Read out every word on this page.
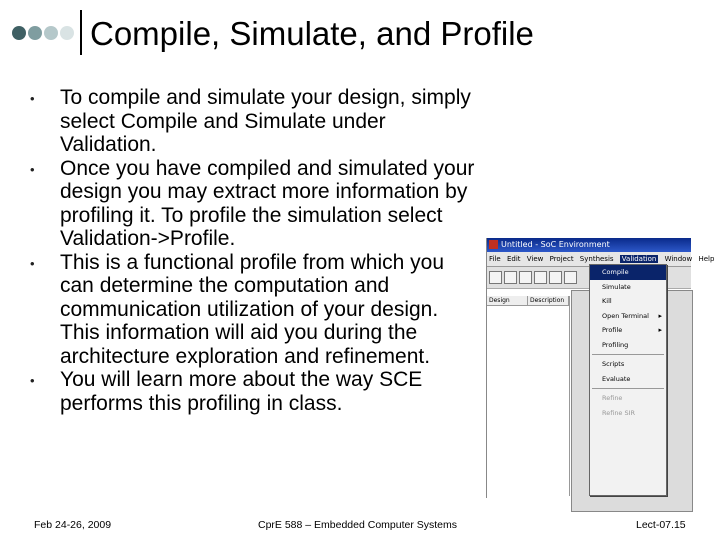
Compile, Simulate, and Profile
• To compile and simulate your design, simply select Compile and Simulate under Validation.
• Once you have compiled and simulated your design you may extract more information by profiling it. To profile the simulation select Validation->Profile.
• This is a functional profile from which you can determine the computation and communication utilization of your design. This information will aid you during the architecture exploration and refinement.
• You will learn more about the way SCE performs this profiling in class.
Untitled - SoC Environment
File Edit View Project Synthesis Validation Window Help
Design	Description
Compile
Simulate
Kill
Open Terminal ▸
Profile ▸
Profiling
Scripts
Evaluate
Refine
Refine SIR
Feb 24-26, 2009	CprE 588 – Embedded Computer Systems	Lect-07.15
